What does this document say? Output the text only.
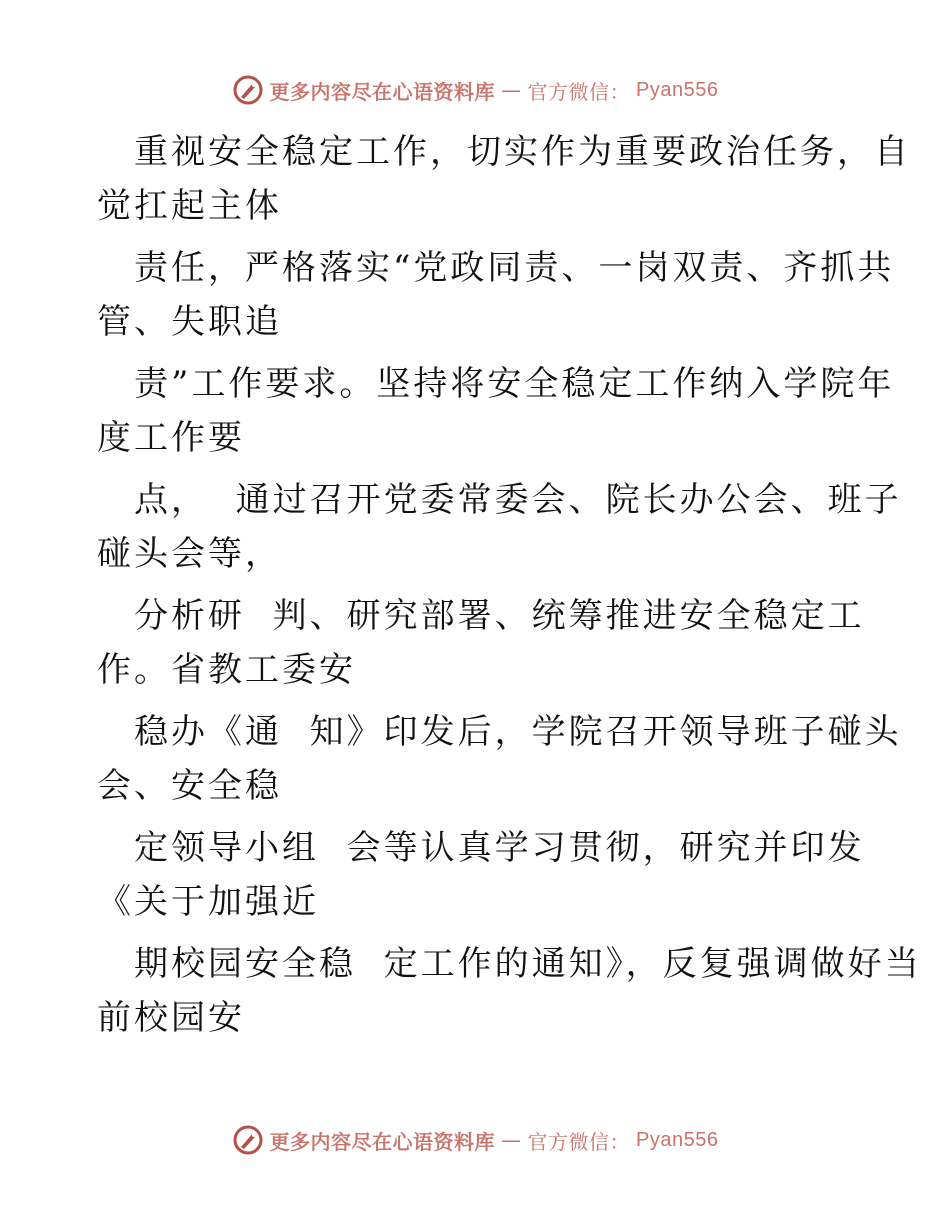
更多内容尽在心语资料库 — 官方微信： Pyan556
重视安全稳定工作，切实作为重要政治任务，自
觉扛起主体
责任，严格落实“党政同责、一岗双责、齐抓共
管、失职追
责”工作要求。坚持将安全稳定工作纳入学院年
度工作要
点，  通过召开党委常委会、院长办公会、班子
碰头会等，
分析研  判、研究部署、统筹推进安全稳定工
作。省教工委安
稳办《通  知》印发后，学院召开领导班子碰头
会、安全稳
定领导小组  会等认真学习贯彻，研究并印发
《关于加强近
期校园安全稳  定工作的通知》，反复强调做好当
前校园安
更多内容尽在心语资料库 — 官方微信： Pyan556
